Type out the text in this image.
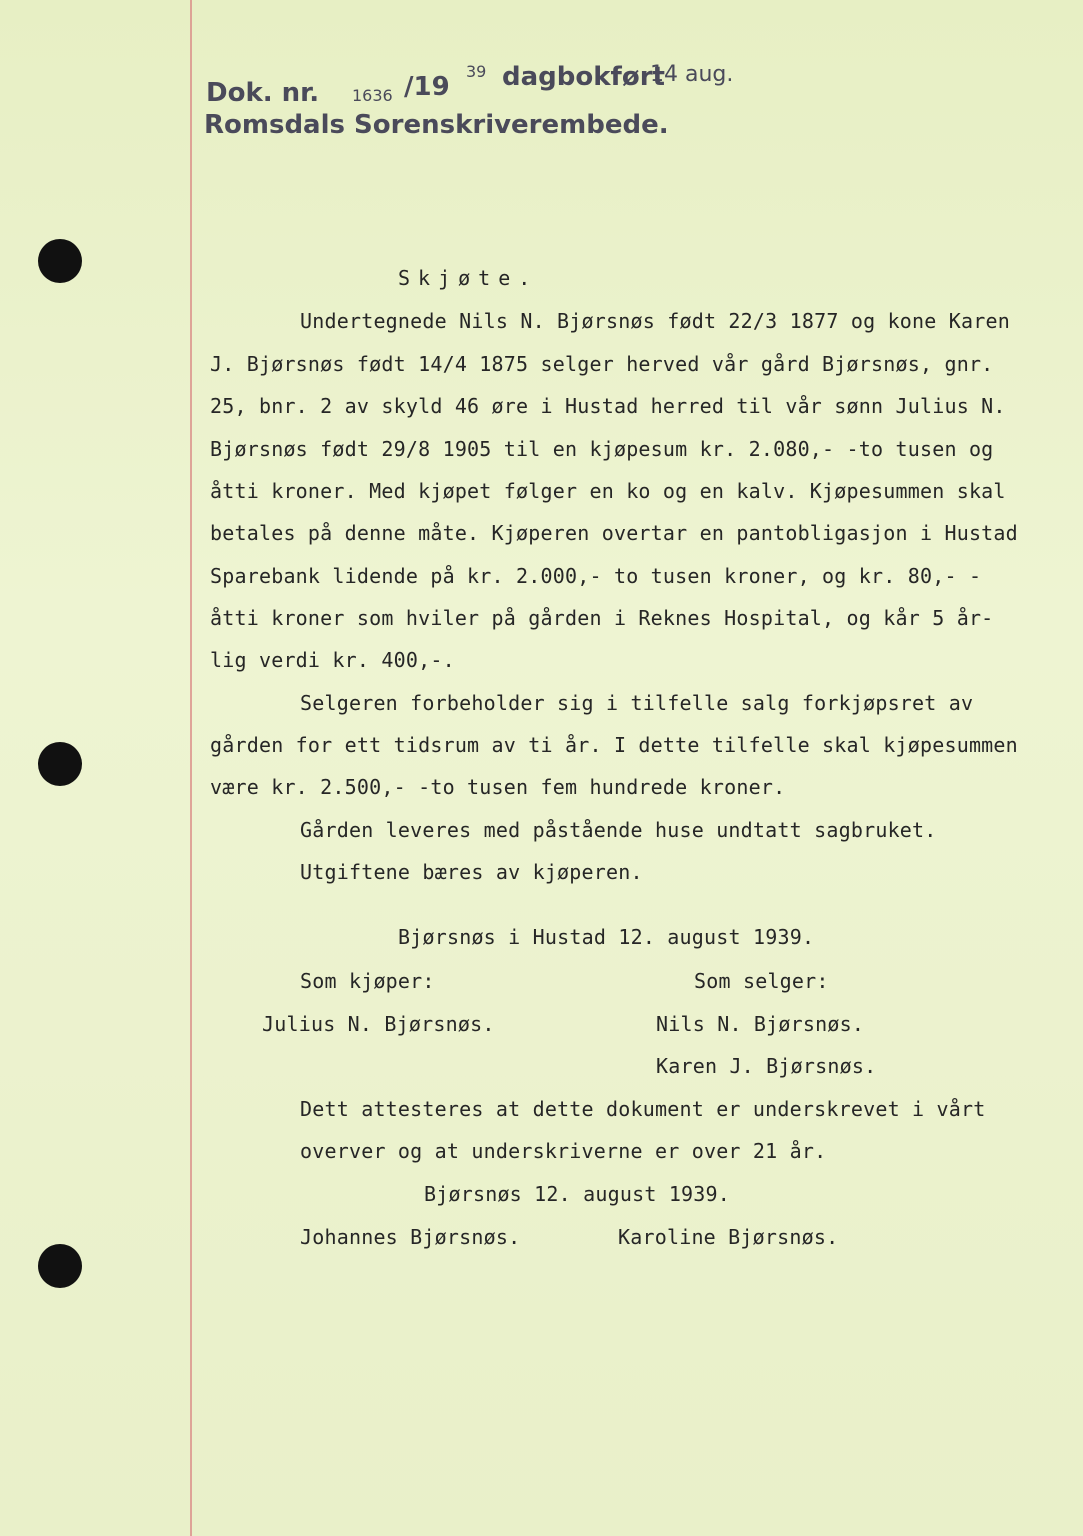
Dok. nr. 1636 /19
39 dagbokført
14 aug.
Romsdals Sorenskriverembede.
Skjøte.
Undertegnede Nils N. Bjørsnøs født 22/3 1877 og kone Karen
J. Bjørsnøs født 14/4 1875 selger herved vår gård Bjørsnøs, gnr.
25, bnr. 2 av skyld 46 øre i Hustad herred til vår sønn Julius N.
Bjørsnøs født 29/8 1905 til en kjøpesum kr. 2.080,- -to tusen og
åtti kroner. Med kjøpet følger en ko og en kalv. Kjøpesummen skal
betales på denne måte. Kjøperen overtar en pantobligasjon i Hustad
Sparebank lidende på kr. 2.000,- to tusen kroner, og kr. 80,- -
åtti kroner som hviler på gården i Reknes Hospital, og kår 5 år-
lig verdi kr. 400,-.
Selgeren forbeholder sig i tilfelle salg forkjøpsret av
gården for ett tidsrum av ti år. I dette tilfelle skal kjøpesummen
være kr. 2.500,- -to tusen fem hundrede kroner.
Gården leveres med påstående huse undtatt sagbruket.
Utgiftene bæres av kjøperen.
Bjørsnøs i Hustad 12. august 1939.
Som kjøper:	Som selger:
Julius N. Bjørsnøs.	Nils N. Bjørsnøs.
Karen J. Bjørsnøs.
Dett attesteres at dette dokument er underskrevet i vårt
overver og at underskriverne er over 21 år.
Bjørsnøs 12. august 1939.
Johannes Bjørsnøs.	Karoline Bjørsnøs.
